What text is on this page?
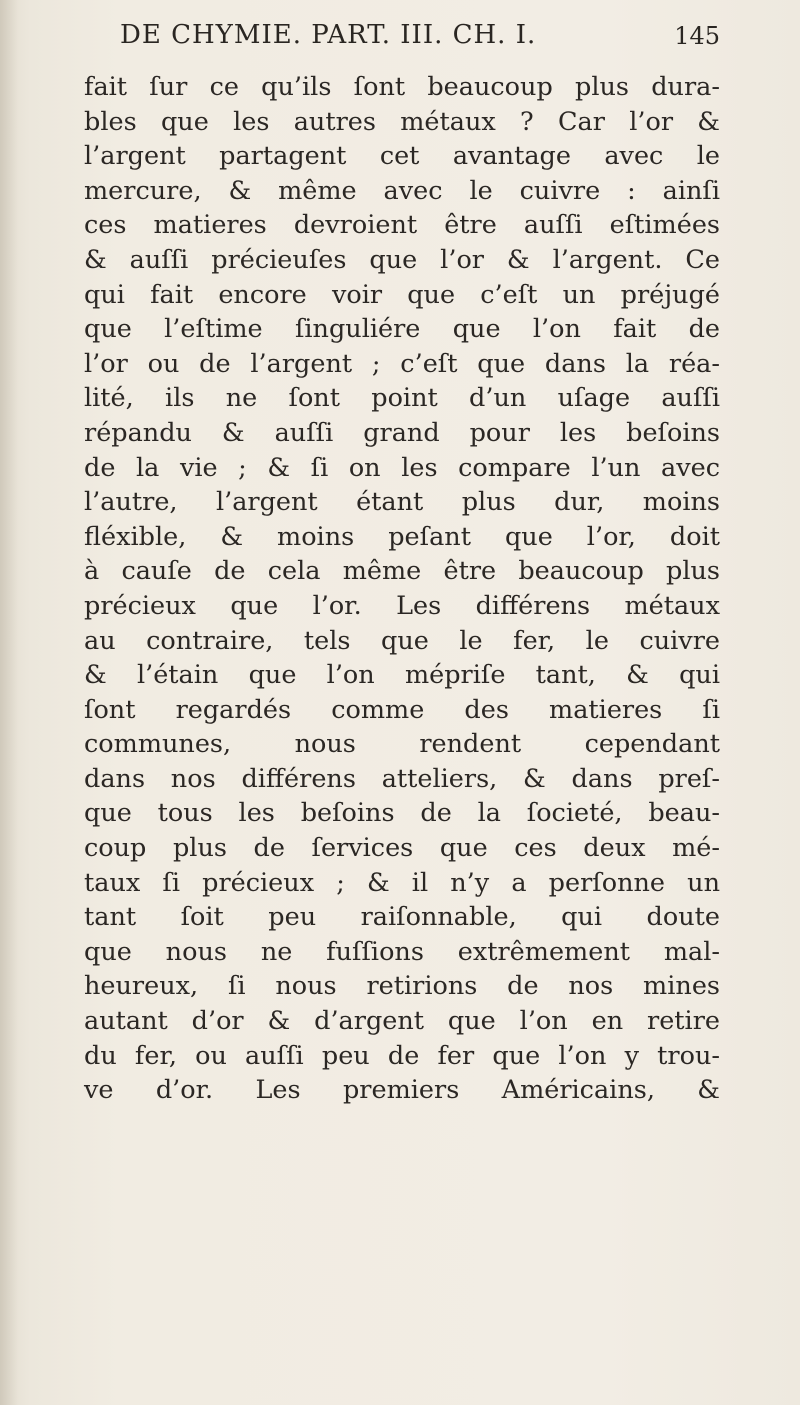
DE CHYMIE. PART. III. CH. I.	145
fait ſur ce qu’ils ſont beaucoup plus dura-
bles que les autres métaux ? Car l’or &
l’argent partagent cet avantage avec le
mercure, & même avec le cuivre : ainſi
ces matieres devroient être auſſi eſtimées
& auſſi précieuſes que l’or & l’argent. Ce
qui fait encore voir que c’eſt un préjugé
que l’eſtime ſinguliére que l’on fait de
l’or ou de l’argent ; c’eſt que dans la réa-
lité, ils ne ſont point d’un uſage auſſi
répandu & auſſi grand pour les beſoins
de la vie ; & ſi on les compare l’un avec
l’autre, l’argent étant plus dur, moins
fléxible, & moins peſant que l’or, doit
à cauſe de cela même être beaucoup plus
précieux que l’or. Les différens métaux
au contraire, tels que le fer, le cuivre
& l’étain que l’on mépriſe tant, & qui
ſont regardés comme des matieres ſi
communes, nous rendent cependant
dans nos différens atteliers, & dans preſ-
que tous les beſoins de la ſocieté, beau-
coup plus de ſervices que ces deux mé-
taux ſi précieux ; & il n’y a perſonne un
tant ſoit peu raiſonnable, qui doute
que nous ne fuſſions extrêmement mal-
heureux, ſi nous retirions de nos mines
autant d’or & d’argent que l’on en retire
du fer, ou auſſi peu de fer que l’on y trou-
ve d’or. Les premiers Américains, &
